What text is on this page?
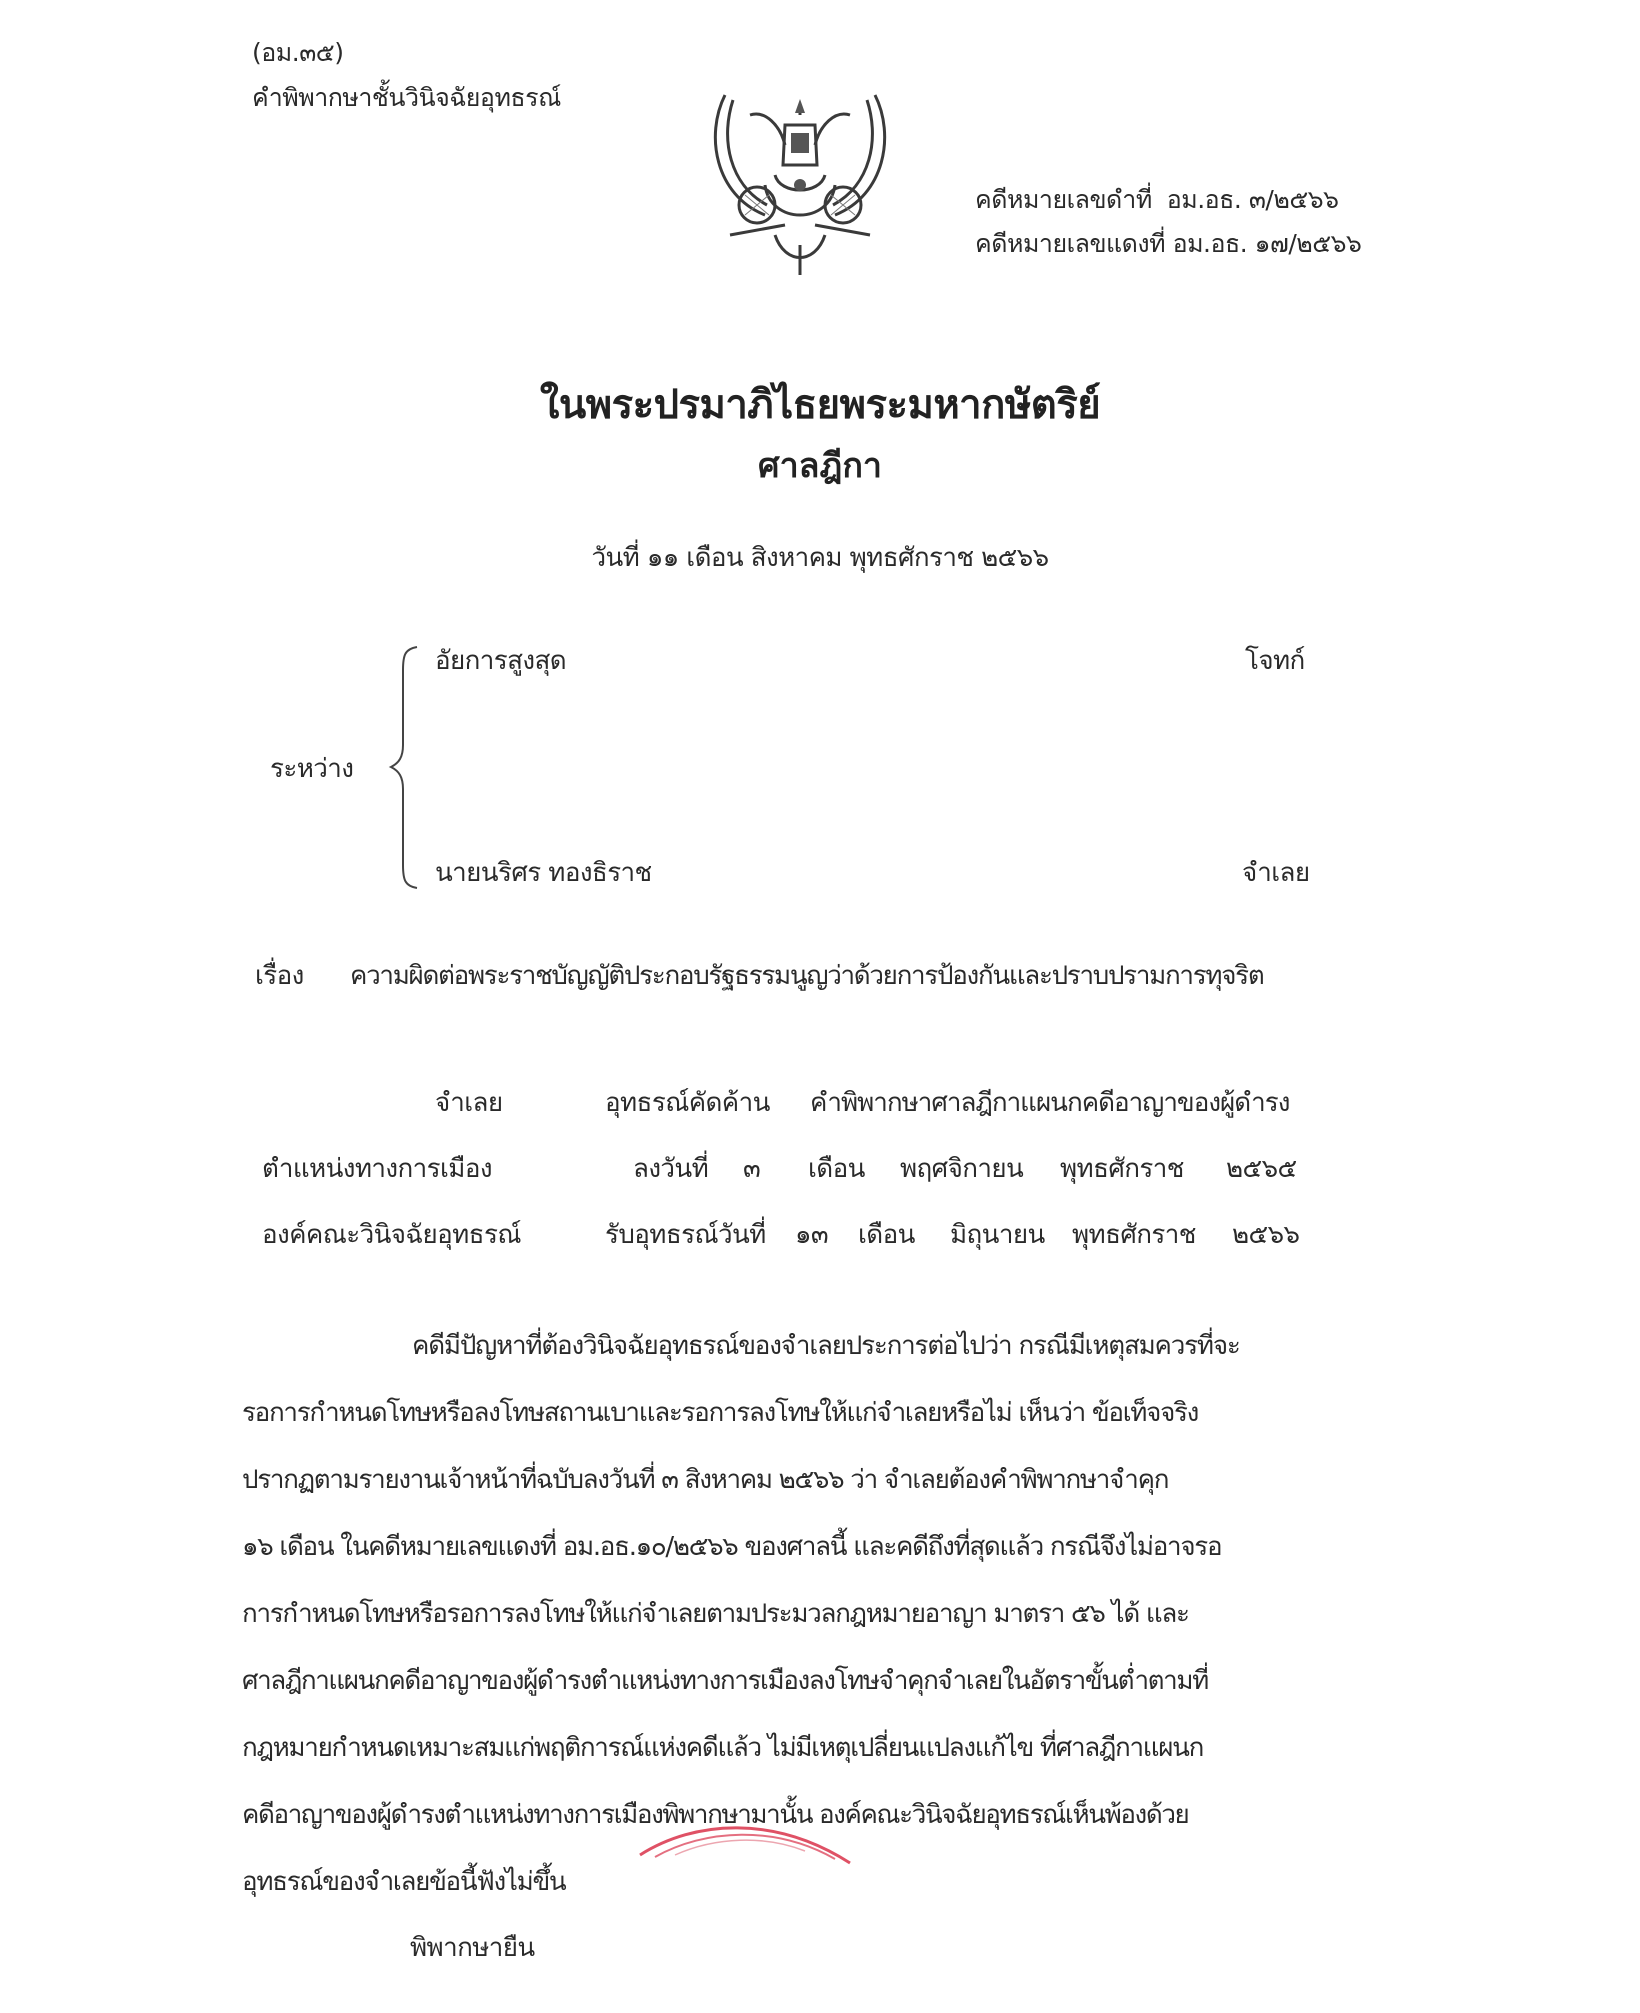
(อม.๓๕)
คำพิพากษาชั้นวินิจฉัยอุทธรณ์
คดีหมายเลขดำที่ อม.อธ. ๓/๒๕๖๖
คดีหมายเลขแดงที่ อม.อธ. ๑๗/๒๕๖๖
ในพระปรมาภิไธยพระมหากษัตริย์
ศาลฎีกา
วันที่ ๑๑ เดือน สิงหาคม พุทธศักราช ๒๕๖๖
ระหว่าง
อัยการสูงสุด	โจทก์
นายนริศร ทองธิราช	จำเลย
เรื่อง ความผิดต่อพระราชบัญญัติประกอบรัฐธรรมนูญว่าด้วยการป้องกันและปราบปรามการทุจริต
จำเลย	อุทธรณ์คัดค้าน คำพิพากษาศาลฎีกาแผนกคดีอาญาของผู้ดำรง
ตำแหน่งทางการเมือง	ลงวันที่ ๓ เดือน พฤศจิกายน พุทธศักราช ๒๕๖๕
องค์คณะวินิจฉัยอุทธรณ์	รับอุทธรณ์วันที่ ๑๓ เดือน มิถุนายน พุทธศักราช ๒๕๖๖
คดีมีปัญหาที่ต้องวินิจฉัยอุทธรณ์ของจำเลยประการต่อไปว่า กรณีมีเหตุสมควรที่จะ
รอการกำหนดโทษหรือลงโทษสถานเบาและรอการลงโทษให้แก่จำเลยหรือไม่ เห็นว่า ข้อเท็จจริง
ปรากฏตามรายงานเจ้าหน้าที่ฉบับลงวันที่ ๓ สิงหาคม ๒๕๖๖ ว่า จำเลยต้องคำพิพากษาจำคุก
๑๖ เดือน ในคดีหมายเลขแดงที่ อม.อธ.๑๐/๒๕๖๖ ของศาลนี้ และคดีถึงที่สุดแล้ว กรณีจึงไม่อาจรอ
การกำหนดโทษหรือรอการลงโทษให้แก่จำเลยตามประมวลกฎหมายอาญา มาตรา ๕๖ ได้ และ
ศาลฎีกาแผนกคดีอาญาของผู้ดำรงตำแหน่งทางการเมืองลงโทษจำคุกจำเลยในอัตราขั้นต่ำตามที่
กฎหมายกำหนดเหมาะสมแก่พฤติการณ์แห่งคดีแล้ว ไม่มีเหตุเปลี่ยนแปลงแก้ไข ที่ศาลฎีกาแผนก
คดีอาญาของผู้ดำรงตำแหน่งทางการเมืองพิพากษามานั้น องค์คณะวินิจฉัยอุทธรณ์เห็นพ้องด้วย
อุทธรณ์ของจำเลยข้อนี้ฟังไม่ขึ้น
พิพากษายืน
